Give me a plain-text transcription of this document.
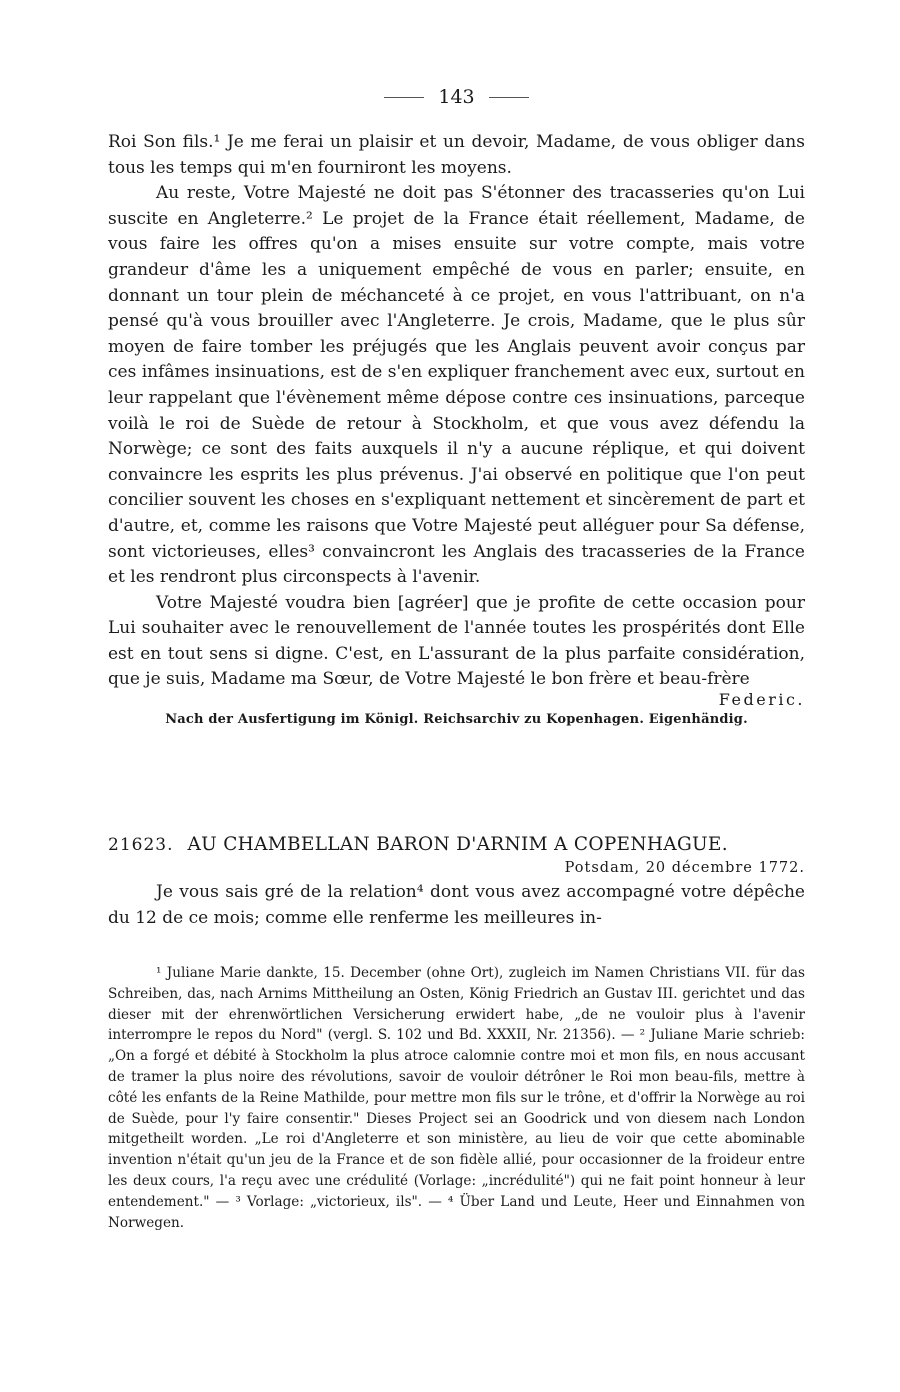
143

Roi Son fils.¹ Je me ferai un plaisir et un devoir, Madame, de vous obliger dans tous les temps qui m'en fourniront les moyens.

Au reste, Votre Majesté ne doit pas S'étonner des tracasseries qu'on Lui suscite en Angleterre.² Le projet de la France était réellement, Madame, de vous faire les offres qu'on a mises ensuite sur votre compte, mais votre grandeur d'âme les a uniquement empêché de vous en parler; ensuite, en donnant un tour plein de méchanceté à ce projet, en vous l'attribuant, on n'a pensé qu'à vous brouiller avec l'Angleterre. Je crois, Madame, que le plus sûr moyen de faire tomber les préjugés que les Anglais peuvent avoir conçus par ces infâmes insinuations, est de s'en expliquer franchement avec eux, surtout en leur rappelant que l'évènement même dépose contre ces insinuations, parceque voilà le roi de Suède de retour à Stockholm, et que vous avez défendu la Norwège; ce sont des faits auxquels il n'y a aucune réplique, et qui doivent convaincre les esprits les plus prévenus. J'ai observé en politique que l'on peut concilier souvent les choses en s'expliquant nettement et sincèrement de part et d'autre, et, comme les raisons que Votre Majesté peut alléguer pour Sa défense, sont victorieuses, elles³ convaincront les Anglais des tracasseries de la France et les rendront plus circonspects à l'avenir.

Votre Majesté voudra bien [agréer] que je profite de cette occasion pour Lui souhaiter avec le renouvellement de l'année toutes les prospérités dont Elle est en tout sens si digne. C'est, en L'assurant de la plus parfaite considération, que je suis, Madame ma Sœur, de Votre Majesté le bon frère et beau-frère

Federic.
Nach der Ausfertigung im Königl. Reichsarchiv zu Kopenhagen. Eigenhändig.
21623. AU CHAMBELLAN BARON D'ARNIM A COPENHAGUE.
Potsdam, 20 décembre 1772.

Je vous sais gré de la relation⁴ dont vous avez accompagné votre dépêche du 12 de ce mois; comme elle renferme les meilleures in-

¹ Juliane Marie dankte, 15. December (ohne Ort), zugleich im Namen Christians VII. für das Schreiben, das, nach Arnims Mittheilung an Osten, König Friedrich an Gustav III. gerichtet und das dieser mit der ehrenwörtlichen Versicherung erwidert habe, „de ne vouloir plus à l'avenir interrompre le repos du Nord" (vergl. S. 102 und Bd. XXXII, Nr. 21356). — ² Juliane Marie schrieb: „On a forgé et débité à Stockholm la plus atroce calomnie contre moi et mon fils, en nous accusant de tramer la plus noire des révolutions, savoir de vouloir détrôner le Roi mon beau-fils, mettre à côté les enfants de la Reine Mathilde, pour mettre mon fils sur le trône, et d'offrir la Norwège au roi de Suède, pour l'y faire consentir." Dieses Project sei an Goodrick und von diesem nach London mitgetheilt worden. „Le roi d'Angleterre et son ministère, au lieu de voir que cette abominable invention n'était qu'un jeu de la France et de son fidèle allié, pour occasionner de la froideur entre les deux cours, l'a reçu avec une crédulité (Vorlage: „incrédulité") qui ne fait point honneur à leur entendement." — ³ Vorlage: „victorieux, ils". — ⁴ Über Land und Leute, Heer und Einnahmen von Norwegen.
